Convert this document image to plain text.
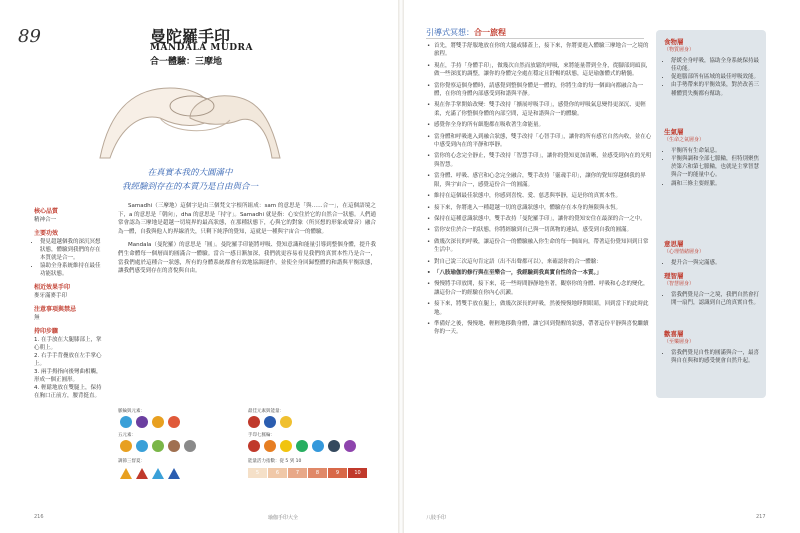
89	曼陀羅手印
MANDALA MUDRA
合一體驗：三摩地
在真實本我的大圓滿中
我經驗到存在的本質乃是自由與合一
核心品質
精神合一
主要功效
• 覺見超越個我的深沉冥想狀態，體驗到我們的存在本質就是合一。
• 協助全身系統維持在最佳功能狀態。
相近效果手印
麥牙滿麥手印
注意事項與禁忌
無
持印步驟
1. 在手放在大腿膝部上，掌心朝上。
2. 右手手背疊放在左手掌心上。
3. 兩手拇指向後彎曲相觸，形成一個正圓形。
4. 輕鬆地放在雙腿上，保持在胸口正前方，腰背挺直。

Samadhi（三摩地）這個字是由三個梵文字根所組成：sam 的意思是「與……合一」，在這個語境之下，a 的意思是「朝向」，dha 的意思是「持守」。Samadhi 就是指：心安住於它的自然合一狀態。人們通常會認為三摩地是超越一切境界的最高狀態，在那種狀態下，心與它的對象（所冥想的形象或聲音）融合為一體，自我與他人的界線消失，只剩下純淨的覺知，這就是一種與宇宙合一的體驗。

Mandala（曼陀羅）的意思是「圓」。曼陀羅手印能將呼吸、覺知意識和能量引導到整個身體，提升我們生命體每一個層面的圓滿合一體驗。當合一感日漸加深，我們就更容易看見我們的真實本性乃是合一，當我們處於這種合一狀態，所有的身體系統都會有效地協調運作，並使全身回歸整體的和諧與平衡狀態，讓我們感受到存在的喜悅與自由。

脈輪與元素：	最佳元素與能量：
五元素：	手印七脈輪：
調節三督夏：	能量活力指數：從 5 到 10
5	6	7	8	9	10
216	瑜伽手印大全
引導式冥想：合一旅程
• 首先，將雙手舒服地放在你的大腿或膝蓋上，接下來，你將要進入體驗三摩地合一之境的旅程。
• 現在，手持「身體手印」，做幾次自然而放鬆的呼吸，來將能量帶到全身，從腳部到頭頂，做一些深度的調整，讓你的身體完全處在穩定且舒暢的狀態，這是瑜伽體式的精髓。
• 當你覺察這個身體時，請感覺到整個身體是一體的，你將生命的每一個面向都融合為一體，在你的身體內部感受到和諧與平靜。
• 現在你手掌開始改變：雙手改持「擴展呼吸手印」，感覺你的呼吸氣息變得更深沉、更輕柔，充滿了你整個身體的內部空間，這是和諧與合一的體驗。
• 感覺你全身的所有細胞都在吸收著生命能量。
• 當身體和呼吸進入到融合狀態，雙手改持「心智手印」，讓你的所有感官自然內收，並在心中感受到內在的平靜和寧靜。
• 當你的心念完全靜止，雙手改持「智慧手印」，讓你的覺知更加清晰，並感受到內在的光明與智慧。
• 當身體、呼吸、感官和心念完全融合，雙手改持「靈魂手印」，讓你的覺知穿越個我的界限，與宇宙合一，感覺這份合一的圓滿。
• 維持在這個最佳狀態中，你感到喜悅、愛、慈悲與寧靜，這是你的真實本性。
• 接下來，你將進入一種超越一切的意識狀態中，體驗存在本身的無限與永恆。
• 保持在這種意識狀態中，雙手改持「曼陀羅手印」，讓你的覺知安住在最深的合一之中。
• 當你安住於合一的狀態，你將經驗到自己與一切萬物的連結，感受到自我的圓滿。
• 做幾次深長的呼吸，讓這份合一的體驗融入你生命的每一個面向，帶著這份覺知回到日常生活中。
• 對自己說三次這句肯定語（出不出聲都可以），來確認你的合一體驗：
• 「八肢瑜伽的修行與在至樂合一，我經驗到我真實自性的合一本質。」
• 慢慢將手印放開，接下來，花一些時間靜靜地坐著，觀察你的身體、呼吸和心念的變化，讓這份合一的經驗在你內心沉澱。
• 接下來，將雙手放在腿上，做幾次深長的呼吸，然後慢慢地睜開眼睛，回到當下的此時此地。
• 準備好之後，慢慢地、輕輕地移動身體，讓它回到覺醒的狀態，帶著這份平靜與喜悅繼續你的一天。
食物層
（物質層身）
• 舒緩全身呼吸，協助全身系統保持最佳功能。
• 促進腦部所有區域的最佳呼吸效能。
• 由手勢帶來的平衡效果，對於改善三種體質失衡都有幫助。
生氣層
（生命之氣層身）
• 平衡所有生命氣息。
• 平衡與調和全部七脈輪，但特別聚焦於第六和第七脈輪，也就是主掌智慧與合一的能量中心。
• 調和三條主要經脈。
意思層
（心理情緒層身）
• 提升合一與完滿感。
理智層
（智慧層身）
• 當我們覺見合一之境，我們自然會打開一扇門，認識到自己的真實自性。
歡喜層
（至樂層身）
• 當我們覺見自性的圓滿與合一，最喜與自在與和的感受便會自然升起。
八肢手印	217
